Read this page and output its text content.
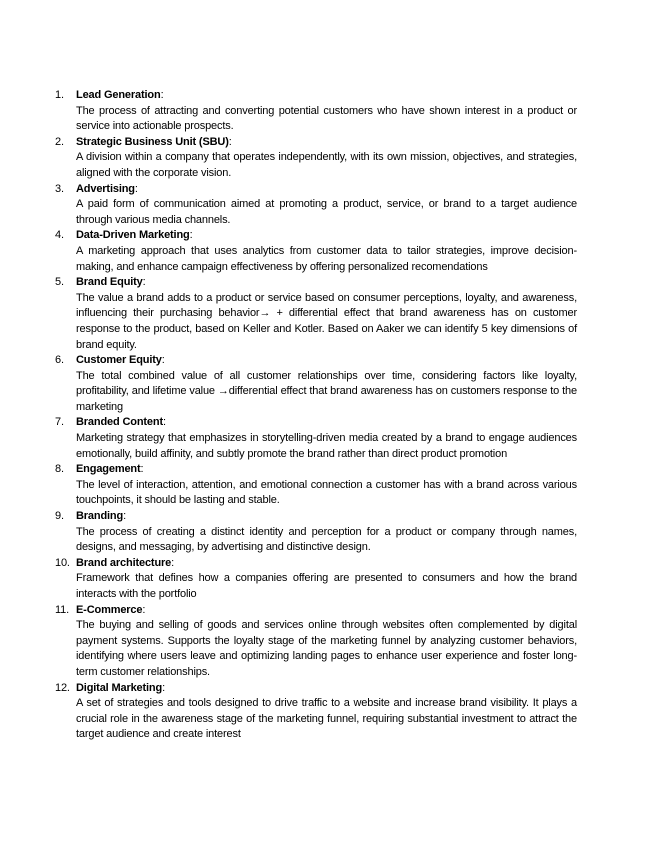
1. Lead Generation:
The process of attracting and converting potential customers who have shown interest in a product or service into actionable prospects.
2. Strategic Business Unit (SBU):
A division within a company that operates independently, with its own mission, objectives, and strategies, aligned with the corporate vision.
3. Advertising:
A paid form of communication aimed at promoting a product, service, or brand to a target audience through various media channels.
4. Data-Driven Marketing:
A marketing approach that uses analytics from customer data to tailor strategies, improve decision-making, and enhance campaign effectiveness by offering personalized recomendations
5. Brand Equity:
The value a brand adds to a product or service based on consumer perceptions, loyalty, and awareness, influencing their purchasing behavior→ + differential effect that brand awareness has on customer response to the product, based on Keller and Kotler. Based on Aaker we can identify 5 key dimensions of brand equity.
6. Customer Equity:
The total combined value of all customer relationships over time, considering factors like loyalty, profitability, and lifetime value →differential effect that brand awareness has on customers response to the marketing
7. Branded Content:
Marketing strategy that emphasizes in storytelling-driven media created by a brand to engage audiences emotionally, build affinity, and subtly promote the brand rather than direct product promotion
8. Engagement:
The level of interaction, attention, and emotional connection a customer has with a brand across various touchpoints, it should be lasting and stable.
9. Branding:
The process of creating a distinct identity and perception for a product or company through names, designs, and messaging, by advertising and distinctive design.
10. Brand architecture:
Framework that defines how a companies offering are presented to consumers and how the brand interacts with the portfolio
11. E-Commerce:
The buying and selling of goods and services online through websites often complemented by digital payment systems. Supports the loyalty stage of the marketing funnel by analyzing customer behaviors, identifying where users leave and optimizing landing pages to enhance user experience and foster long-term customer relationships.
12. Digital Marketing:
A set of strategies and tools designed to drive traffic to a website and increase brand visibility. It plays a crucial role in the awareness stage of the marketing funnel, requiring substantial investment to attract the target audience and create interest
